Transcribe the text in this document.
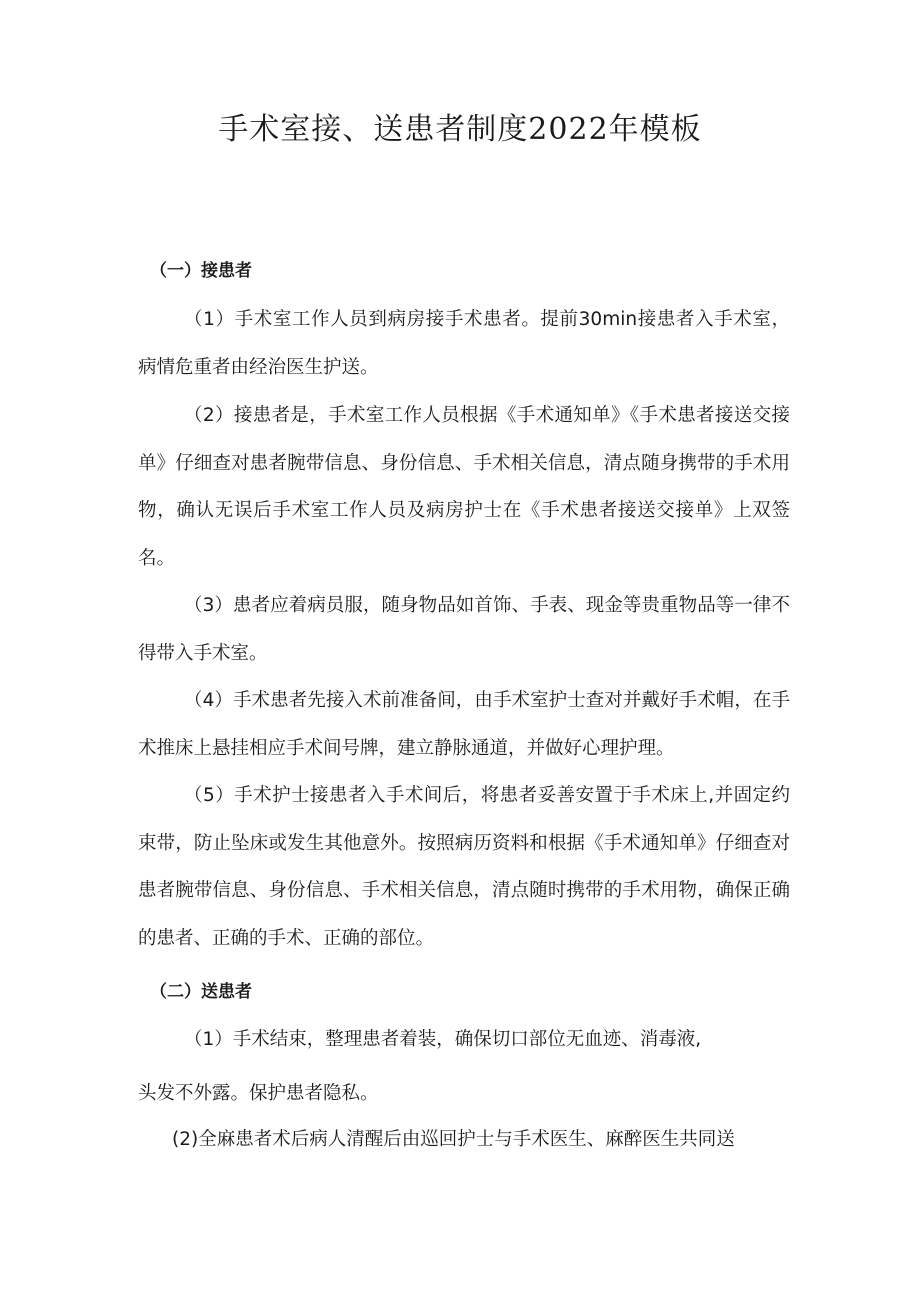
手术室接、送患者制度2022年模板
（一）接患者

（1）手术室工作人员到病房接手术患者。提前30min接患者入手术室，病情危重者由经治医生护送。

（2）接患者是，手术室工作人员根据《手术通知单》《手术患者接送交接单》仔细查对患者腕带信息、身份信息、手术相关信息，清点随身携带的手术用物，确认无误后手术室工作人员及病房护士在《手术患者接送交接单》上双签名。

（3）患者应着病员服，随身物品如首饰、手表、现金等贵重物品等一律不得带入手术室。

（4）手术患者先接入术前准备间，由手术室护士查对并戴好手术帽，在手术推床上悬挂相应手术间号牌，建立静脉通道，并做好心理护理。

（5）手术护士接患者入手术间后，将患者妥善安置于手术床上,并固定约束带，防止坠床或发生其他意外。按照病历资料和根据《手术通知单》仔细查对患者腕带信息、身份信息、手术相关信息，清点随时携带的手术用物，确保正确的患者、正确的手术、正确的部位。

（二）送患者
（1）手术结束，整理患者着装，确保切口部位无血迹、消毒液,
头发不外露。保护患者隐私。
(2)全麻患者术后病人清醒后由巡回护士与手术医生、麻醉医生共同送
